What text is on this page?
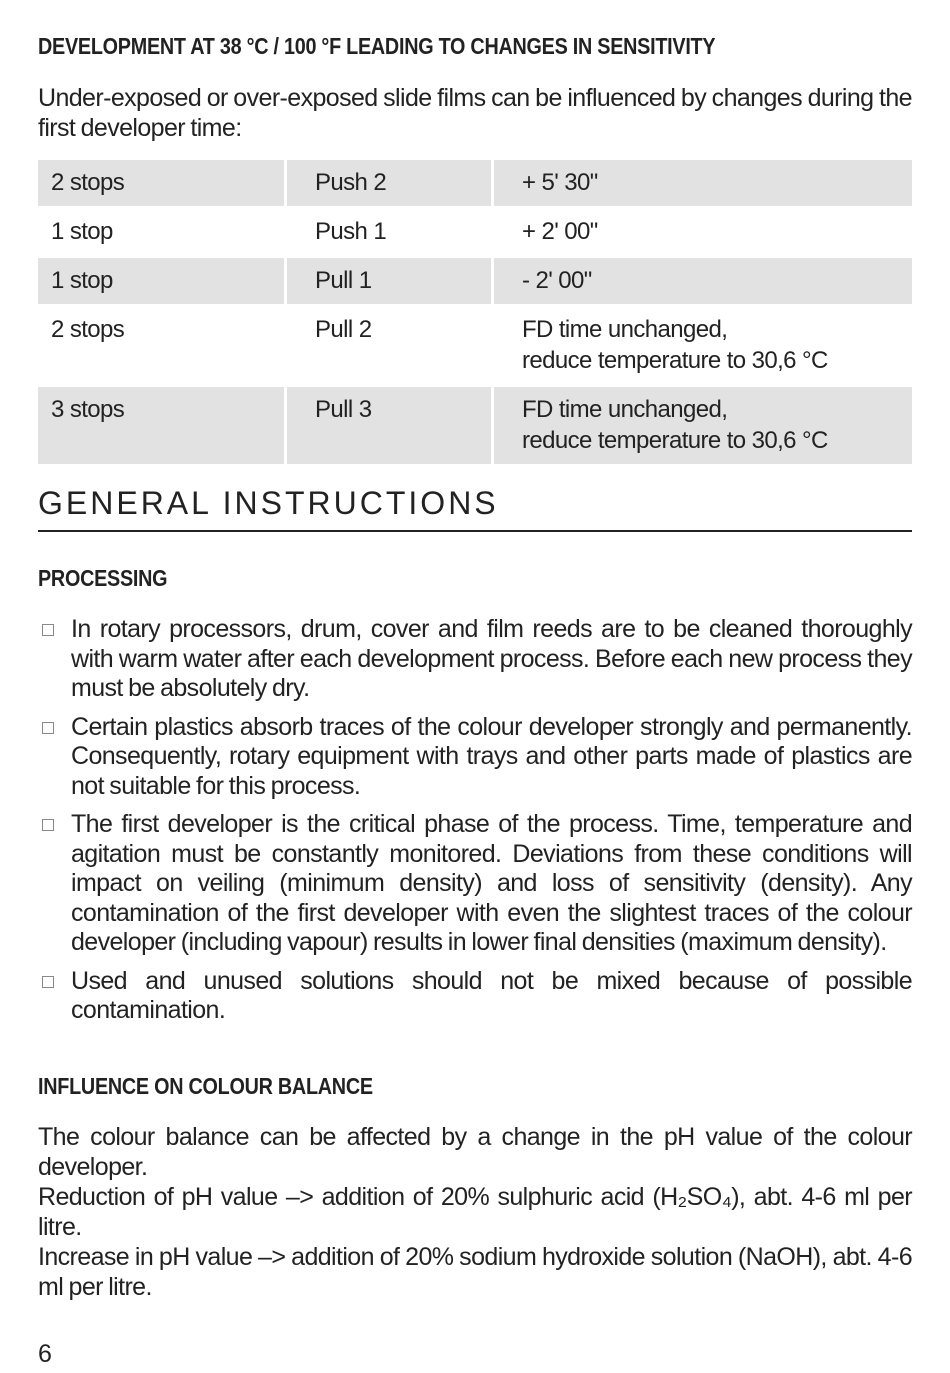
DEVELOPMENT AT 38 °C / 100 °F LEADING TO CHANGES IN SENSITIVITY
Under-exposed or over-exposed slide films can be influenced by changes during the first developer time:
2 stops	Push 2	+ 5' 30"
1 stop	Push 1	+ 2' 00"
1 stop	Pull 1	- 2' 00"
2 stops	Pull 2	FD time unchanged,
reduce temperature to 30,6 °C

3 stops	Pull 3	FD time unchanged,
reduce temperature to 30,6 °C
GENERAL INSTRUCTIONS
PROCESSING
In rotary processors, drum, cover and film reeds are to be cleaned thoroughly with warm water after each development process. Before each new process they must be absolutely dry.
Certain plastics absorb traces of the colour developer strongly and permanently. Consequently, rotary equipment with trays and other parts made of plastics are not suitable for this process.
The first developer is the critical phase of the process. Time, temperature and agitation must be constantly monitored. Deviations from these conditions will impact on veiling (minimum density) and loss of sensitivity (density). Any contamination of the first developer with even the slightest traces of the colour developer (including vapour) results in lower final densities (maximum density).
Used and unused solutions should not be mixed because of possible contamination.
INFLUENCE ON COLOUR BALANCE
The colour balance can be affected by a change in the pH value of the colour developer.
Reduction of pH value –> addition of 20% sulphuric acid (H₂SO₄), abt. 4-6 ml per litre.
Increase in pH value –> addition of 20% sodium hydroxide solution (NaOH), abt. 4-6 ml per litre.
6
